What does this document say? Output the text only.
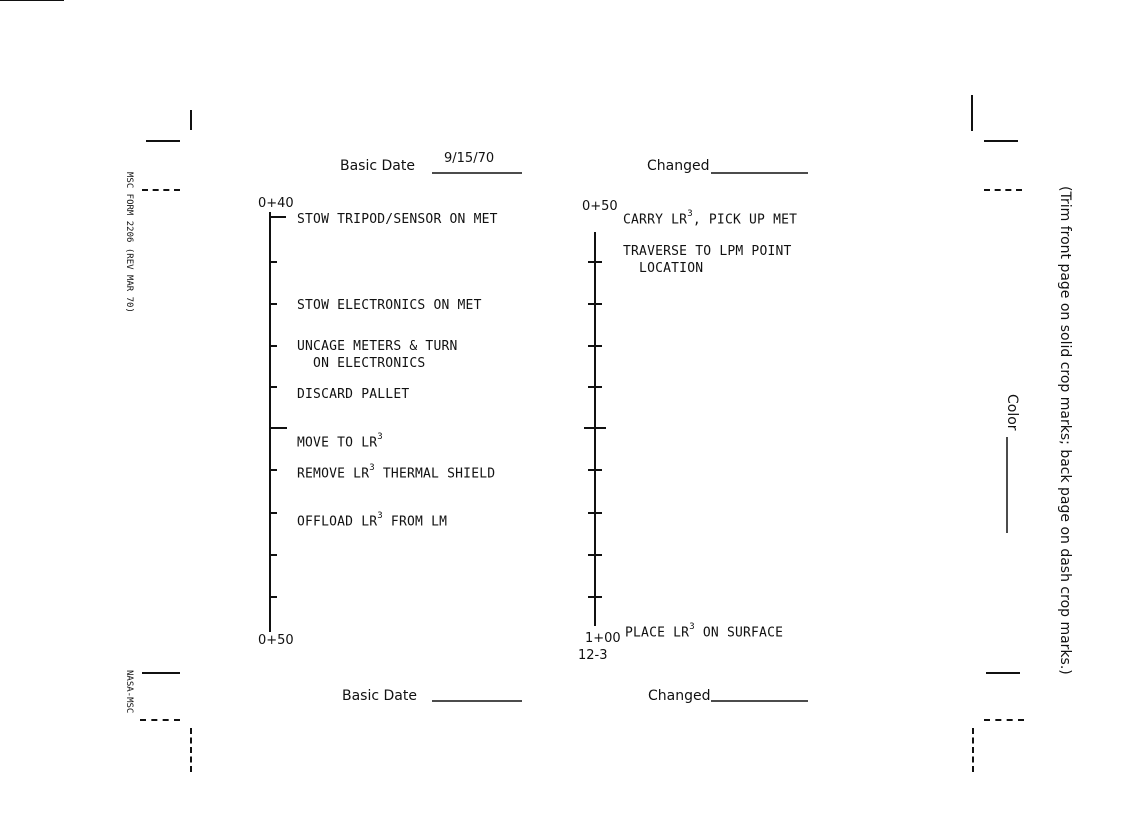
Basic Date 9/15/70	Changed
0+40
0+50
STOW TRIPOD/SENSOR ON MET
STOW ELECTRONICS ON MET
UNCAGE METERS & TURN
ON ELECTRONICS
DISCARD PALLET
MOVE TO $LR^3$
REMOVE $LR^3$ THERMAL SHIELD
OFFLOAD $LR^3$ FROM LM
0+50
1+00
12-3
CARRY $LR^3$, PICK UP MET
TRAVERSE TO LPM POINT
LOCATION
PLACE $LR^3$ ON SURFACE
Basic Date	Changed
MSC FORM 2206 (REV MAR 70)
NASA-MSC
(Trim front page on solid crop marks; back page on dash crop marks.)
Color
